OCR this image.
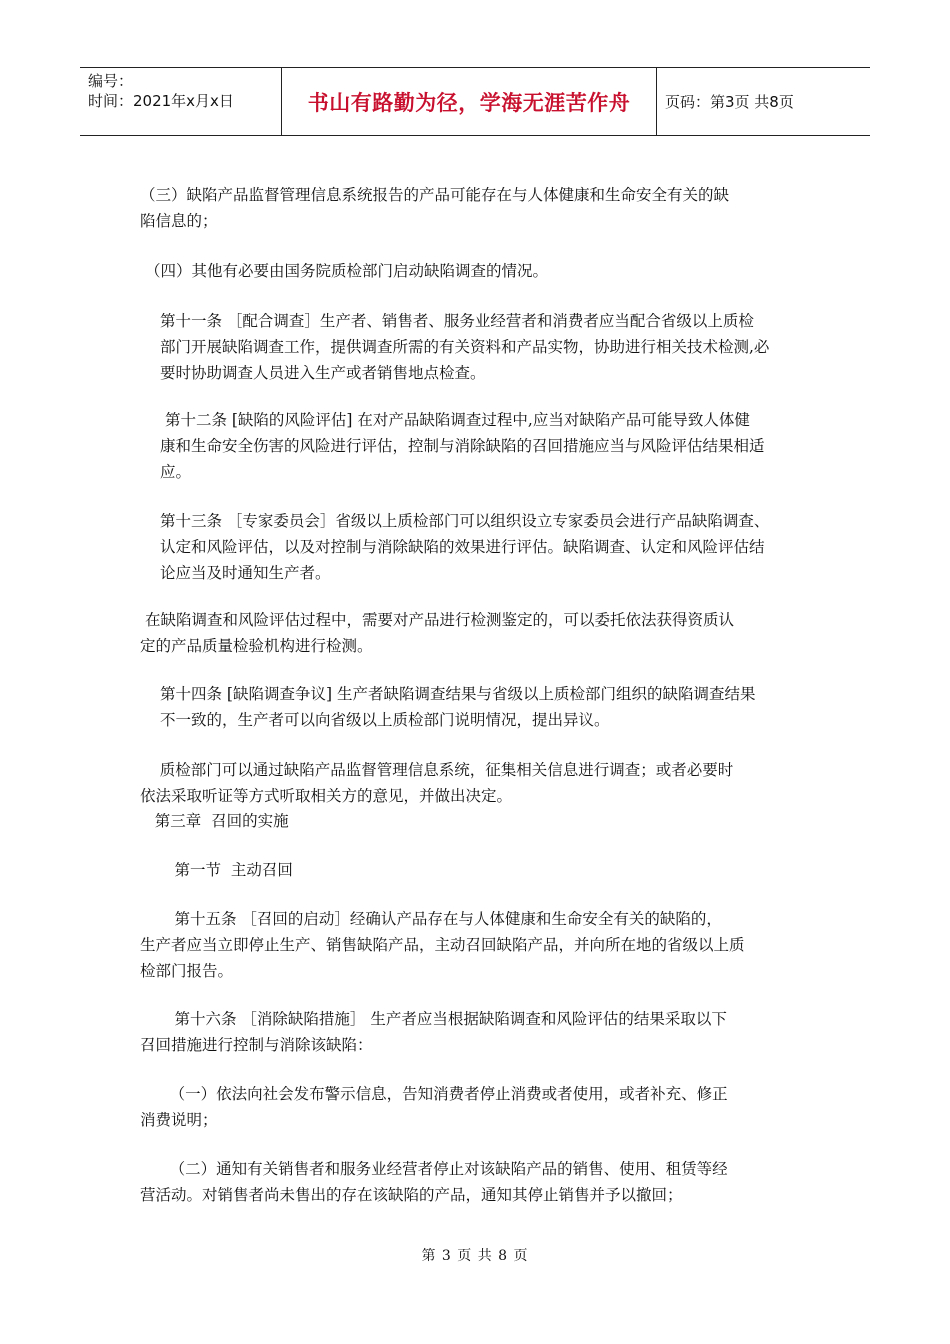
编号：
时间：2021年x月x日	书山有路勤为径，学海无涯苦作舟	页码：第3页 共8页
（三）缺陷产品监督管理信息系统报告的产品可能存在与人体健康和生命安全有关的缺
陷信息的；
（四）其他有必要由国务院质检部门启动缺陷调查的情况。
第十一条 ［配合调查］生产者、销售者、服务业经营者和消费者应当配合省级以上质检
部门开展缺陷调查工作，提供调查所需的有关资料和产品实物，协助进行相关技术检测,必
要时协助调查人员进入生产或者销售地点检查。
第十二条 [缺陷的风险评估] 在对产品缺陷调查过程中,应当对缺陷产品可能导致人体健
康和生命安全伤害的风险进行评估，控制与消除缺陷的召回措施应当与风险评估结果相适
应。
第十三条 ［专家委员会］省级以上质检部门可以组织设立专家委员会进行产品缺陷调查、
认定和风险评估，以及对控制与消除缺陷的效果进行评估。缺陷调查、认定和风险评估结
论应当及时通知生产者。
在缺陷调查和风险评估过程中，需要对产品进行检测鉴定的，可以委托依法获得资质认
定的产品质量检验机构进行检测。
第十四条 [缺陷调查争议] 生产者缺陷调查结果与省级以上质检部门组织的缺陷调查结果
不一致的，生产者可以向省级以上质检部门说明情况，提出异议。
质检部门可以通过缺陷产品监督管理信息系统，征集相关信息进行调查；或者必要时
依法采取听证等方式听取相关方的意见，并做出决定。
第三章  召回的实施
第一节  主动召回
第十五条 ［召回的启动］经确认产品存在与人体健康和生命安全有关的缺陷的，
生产者应当立即停止生产、销售缺陷产品，主动召回缺陷产品，并向所在地的省级以上质
检部门报告。
第十六条 ［消除缺陷措施］ 生产者应当根据缺陷调查和风险评估的结果采取以下
召回措施进行控制与消除该缺陷：
（一）依法向社会发布警示信息，告知消费者停止消费或者使用，或者补充、修正
消费说明；
（二）通知有关销售者和服务业经营者停止对该缺陷产品的销售、使用、租赁等经
营活动。对销售者尚未售出的存在该缺陷的产品，通知其停止销售并予以撤回；
第 3 页 共 8 页
